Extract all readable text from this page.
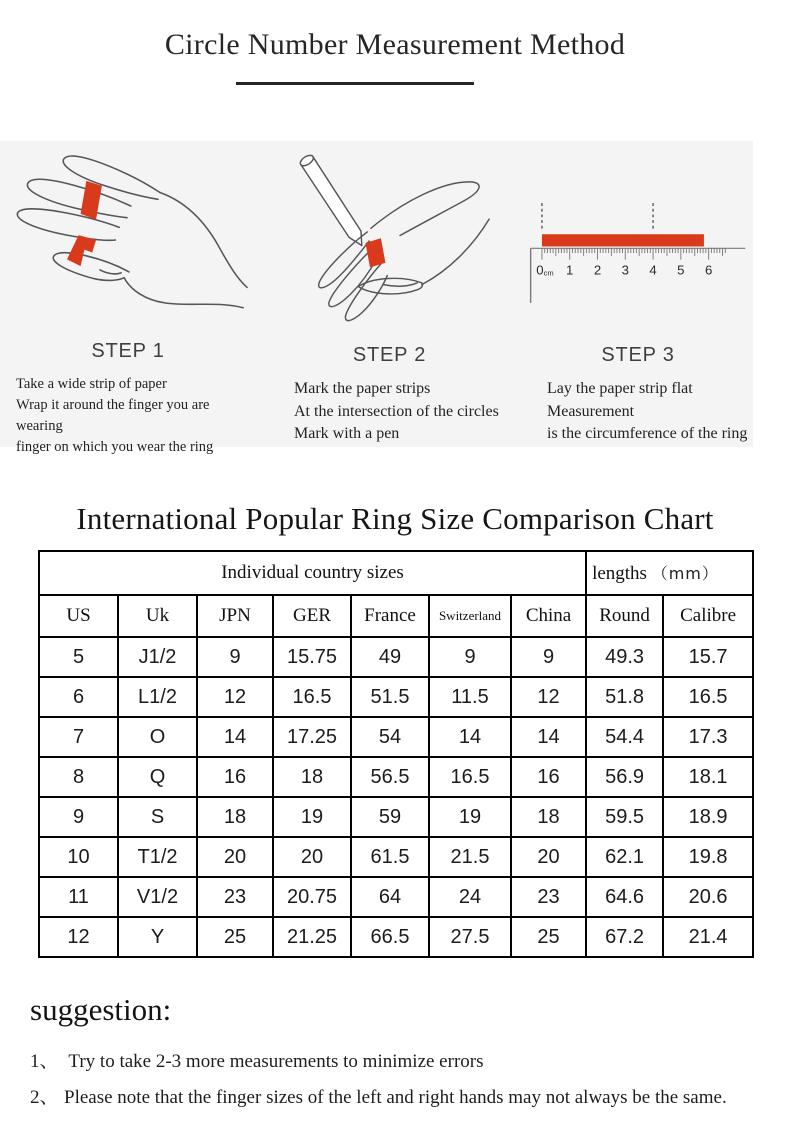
Circle Number Measurement Method
STEP 1
Take a wide strip of paper
Wrap it around the finger you are wearing
finger on which you wear the ring
STEP 2
Mark the paper strips
At the intersection of the circles
Mark with a pen
0cm 1 2 3 4 5 6
STEP 3
Lay the paper strip flat
Measurement
is the circumference of the ring
International Popular Ring Size Comparison Chart
Individual country sizes							lengths （mm）	
US	Uk	JPN	GER	France	Switzerland	China	Round	Calibre
5	J1/2	9	15.75	49	9	9	49.3	15.7
6	L1/2	12	16.5	51.5	11.5	12	51.8	16.5
7	O	14	17.25	54	14	14	54.4	17.3
8	Q	16	18	56.5	16.5	16	56.9	18.1
9	S	18	19	59	19	18	59.5	18.9
10	T1/2	20	20	61.5	21.5	20	62.1	19.8
11	V1/2	23	20.75	64	24	23	64.6	20.6
12	Y	25	21.25	66.5	27.5	25	67.2	21.4
suggestion:
1、 Try to take 2-3 more measurements to minimize errors
2、 Please note that the finger sizes of the left and right hands may not always be the same.
